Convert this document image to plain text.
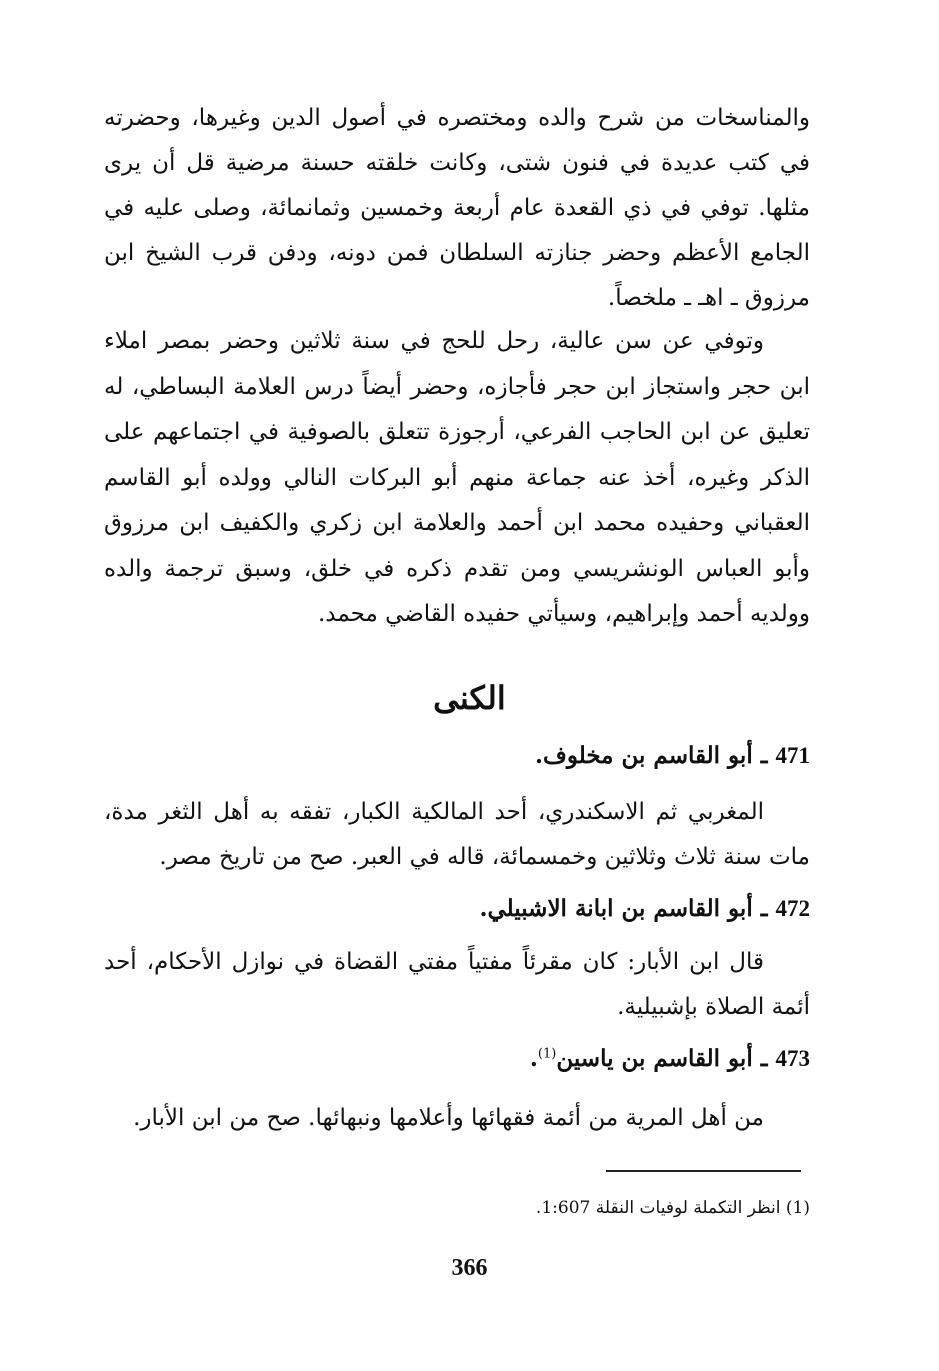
والمناسخات من شرح والده ومختصره في أصول الدين وغيرها، وحضرته في كتب عديدة في فنون شتى، وكانت خلقته حسنة مرضية قل أن يرى مثلها. توفي في ذي القعدة عام أربعة وخمسين وثمانمائة، وصلى عليه في الجامع الأعظم وحضر جنازته السلطان فمن دونه، ودفن قرب الشيخ ابن مرزوق ـ اهـ ـ ملخصاً.

وتوفي عن سن عالية، رحل للحج في سنة ثلاثين وحضر بمصر املاء ابن حجر واستجاز ابن حجر فأجازه، وحضر أيضاً درس العلامة البساطي، له تعليق عن ابن الحاجب الفرعي، أرجوزة تتعلق بالصوفية في اجتماعهم على الذكر وغيره، أخذ عنه جماعة منهم أبو البركات النالي وولده أبو القاسم العقباني وحفيده محمد ابن أحمد والعلامة ابن زكري والكفيف ابن مرزوق وأبو العباس الونشريسي ومن تقدم ذكره في خلق، وسبق ترجمة والده وولديه أحمد وإبراهيم، وسيأتي حفيده القاضي محمد.

الكنى
471 ـ أبو القاسم بن مخلوف.

المغربي ثم الاسكندري، أحد المالكية الكبار، تفقه به أهل الثغر مدة، مات سنة ثلاث وثلاثين وخمسمائة، قاله في العبر. صح من تاريخ مصر.

472 ـ أبو القاسم بن ابانة الاشبيلي.

قال ابن الأبار: كان مقرئاً مفتياً مفتي القضاة في نوازل الأحكام، أحد أئمة الصلاة بإشبيلية.

473 ـ أبو القاسم بن ياسين$^{(1)}$.

من أهل المرية من أئمة فقهائها وأعلامها ونبهائها. صح من ابن الأبار.

(1) انظر التكملة لوفيات النقلة 1:607.
366
